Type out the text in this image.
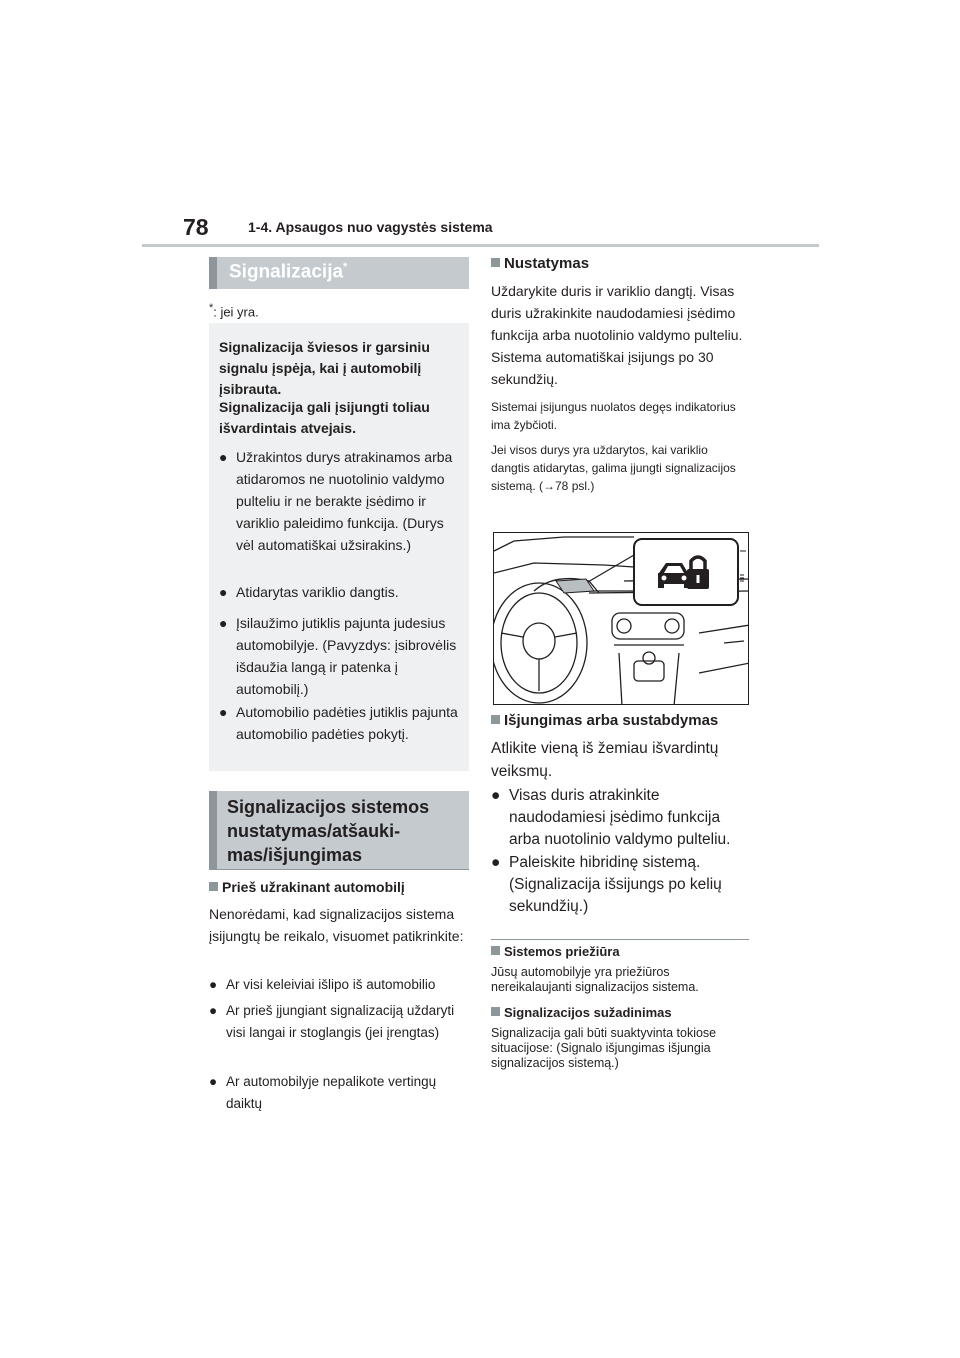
78	1-4. Apsaugos nuo vagystės sistema
Signalizacija*
*: jei yra.

Signalizacija šviesos ir garsiniu signalu įspėja, kai į automobilį įsibrauta.

Signalizacija gali įsijungti toliau išvardintais atvejais.

● Užrakintos durys atrakinamos arba atidaromos ne nuotolinio valdymo pulteliu ir ne berakte įsėdimo ir variklio paleidimo funkcija. (Durys vėl automatiškai užsirakins.)
● Atidarytas variklio dangtis.
● Įsilaužimo jutiklis pajunta judesius automobilyje. (Pavyzdys: įsibrovėlis išdaužia langą ir patenka į automobilį.)
● Automobilio padėties jutiklis pajunta automobilio padėties pokytį.
Signalizacijos sistemos nustatymas/atšauki-mas/išjungimas
Prieš užrakinant automobilį
Nenorėdami, kad signalizacijos sistema įsijungtų be reikalo, visuomet patikrinkite:
● Ar visi keleiviai išlipo iš automobilio
● Ar prieš įjungiant signalizaciją uždaryti visi langai ir stoglangis (jei įrengtas)
● Ar automobilyje nepalikote vertingų daiktų
Nustatymas
Uždarykite duris ir variklio dangtį. Visas duris užrakinkite naudodamiesi įsėdimo funkcija arba nuotolinio valdymo pulteliu. Sistema automatiškai įsijungs po 30 sekundžių.
Sistemai įsijungus nuolatos degęs indikatorius ima žybčioti.
Jei visos durys yra uždarytos, kai variklio dangtis atidarytas, galima įjungti signalizacijos sistemą. (→78 psl.)
Išjungimas arba sustabdymas
Atlikite vieną iš žemiau išvardintų veiksmų.
● Visas duris atrakinkite naudodamiesi įsėdimo funkcija arba nuotolinio valdymo pulteliu.
● Paleiskite hibridinę sistemą. (Signalizacija išsijungs po kelių sekundžių.)
Sistemos priežiūra
Jūsų automobilyje yra priežiūros nereikalaujanti signalizacijos sistema.
Signalizacijos sužadinimas
Signalizacija gali būti suaktyvinta tokiose situacijose: (Signalo išjungimas išjungia signalizacijos sistemą.)
